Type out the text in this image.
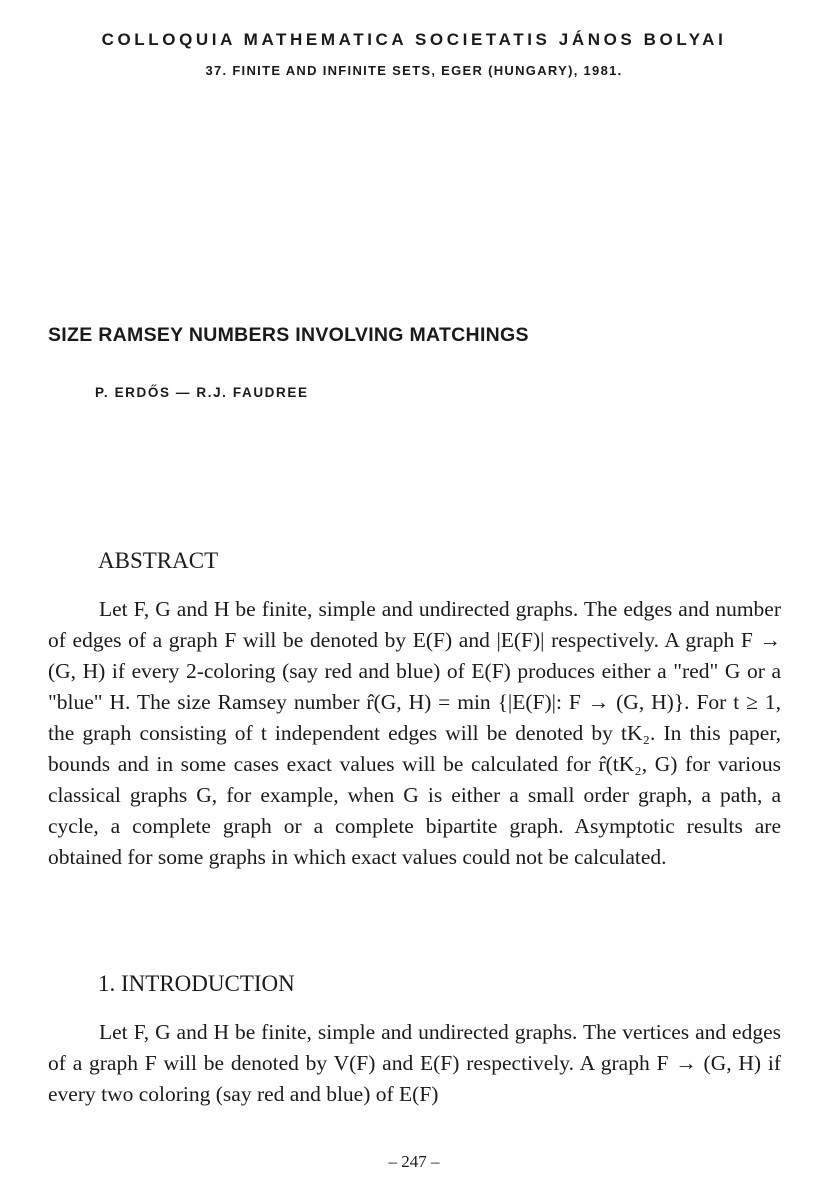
COLLOQUIA MATHEMATICA SOCIETATIS JÁNOS BOLYAI
37. FINITE AND INFINITE SETS, EGER (HUNGARY), 1981.
SIZE RAMSEY NUMBERS INVOLVING MATCHINGS
P. ERDŐS — R.J. FAUDREE
ABSTRACT

Let F, G and H be finite, simple and undirected graphs. The edges and number of edges of a graph F will be denoted by E(F) and |E(F)| respectively. A graph F → (G, H) if every 2-coloring (say red and blue) of E(F) produces either a "red" G or a "blue" H. The size Ramsey number r̂(G, H) = min {|E(F)|: F → (G, H)}. For t ≥ 1, the graph consisting of t independent edges will be denoted by tK₂. In this paper, bounds and in some cases exact values will be calculated for r̂(tK₂, G) for various classical graphs G, for example, when G is either a small order graph, a path, a cycle, a complete graph or a complete bipartite graph. Asymptotic results are obtained for some graphs in which exact values could not be calculated.

1. INTRODUCTION

Let F, G and H be finite, simple and undirected graphs. The vertices and edges of a graph F will be denoted by V(F) and E(F) respectively. A graph F → (G, H) if every two coloring (say red and blue) of E(F)

– 247 –
